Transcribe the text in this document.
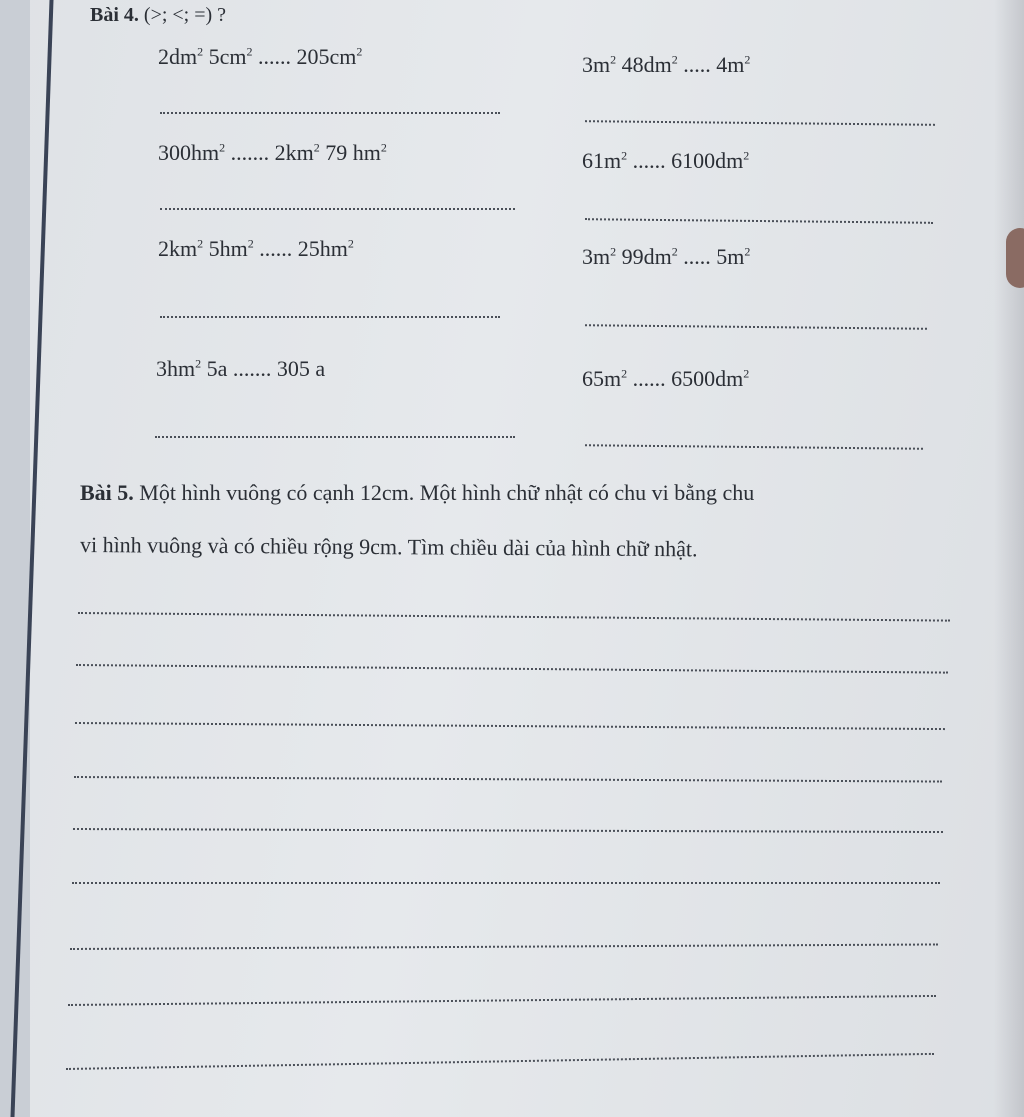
Bài 4. (>; <; =) ?
$2dm^2$ $5cm^2$ ...... $205cm^2$
$3m^2$ $48dm^2$ ..... $4m^2$
$300hm^2$ ....... $2km^2$ 79 $hm^2$
$61m^2$ ...... $6100dm^2$
$2km^2$ $5hm^2$ ...... $25hm^2$
$3m^2$ $99dm^2$ ..... $5m^2$
$3hm^2$ 5a ....... 305 a	$65m^2$ ...... $6500dm^2$
Bài 5. Một hình vuông có cạnh 12cm. Một hình chữ nhật có chu vi bằng chu
vi hình vuông và có chiều rộng 9cm. Tìm chiều dài của hình chữ nhật.
